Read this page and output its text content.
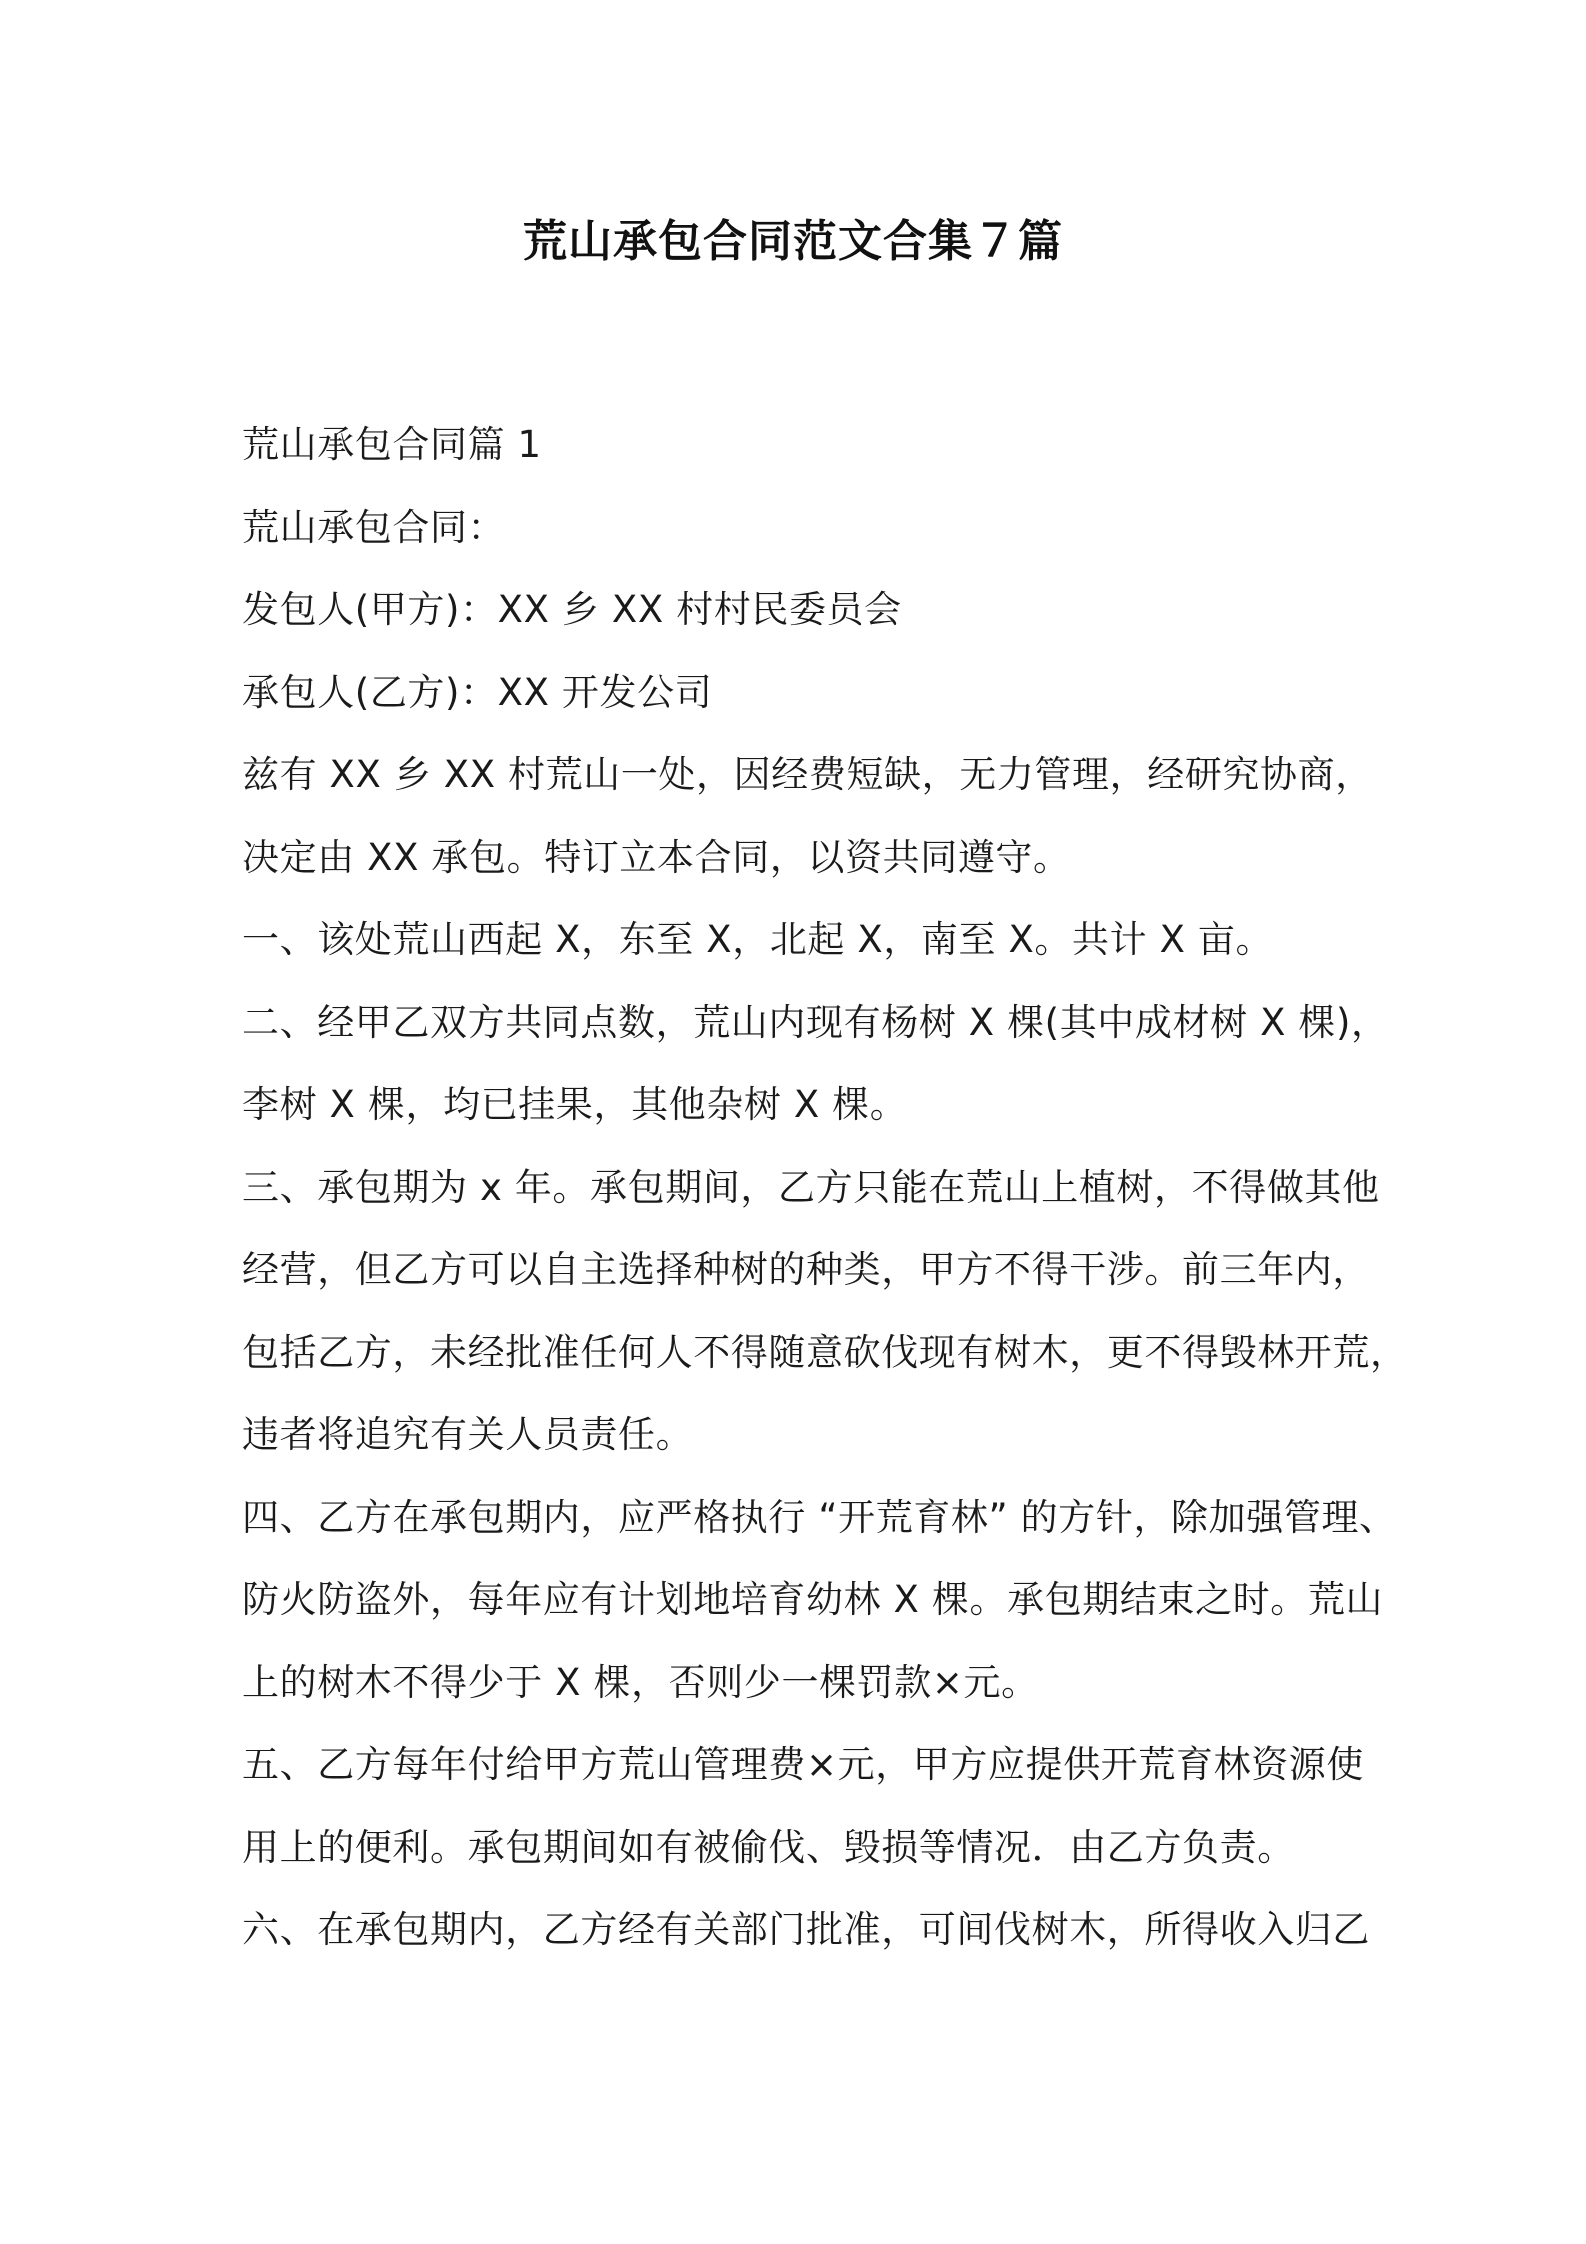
荒山承包合同范文合集７篇

荒山承包合同篇 1

荒山承包合同：

发包人(甲方)：XX 乡 XX 村村民委员会

承包人(乙方)：XX 开发公司

兹有 XX 乡 XX 村荒山一处，因经费短缺，无力管理，经研究协商，

决定由 XX 承包。特订立本合同，以资共同遵守。

一、该处荒山西起 X，东至 X，北起 X，南至 X。共计 X 亩。

二、经甲乙双方共同点数，荒山内现有杨树 X 棵(其中成材树 X 棵)，

李树 X 棵，均已挂果，其他杂树 X 棵。

三、承包期为 x 年。承包期间，乙方只能在荒山上植树，不得做其他

经营，但乙方可以自主选择种树的种类，甲方不得干涉。前三年内，

包括乙方，未经批准任何人不得随意砍伐现有树木，更不得毁林开荒，

违者将追究有关人员责任。

四、乙方在承包期内，应严格执行 “开荒育林” 的方针，除加强管理、

防火防盗外，每年应有计划地培育幼林 X 棵。承包期结束之时。荒山

上的树木不得少于 X 棵，否则少一棵罚款×元。

五、乙方每年付给甲方荒山管理费×元，甲方应提供开荒育林资源使

用上的便利。承包期间如有被偷伐、毁损等情况．由乙方负责。

六、在承包期内，乙方经有关部门批准，可间伐树木，所得收入归乙
